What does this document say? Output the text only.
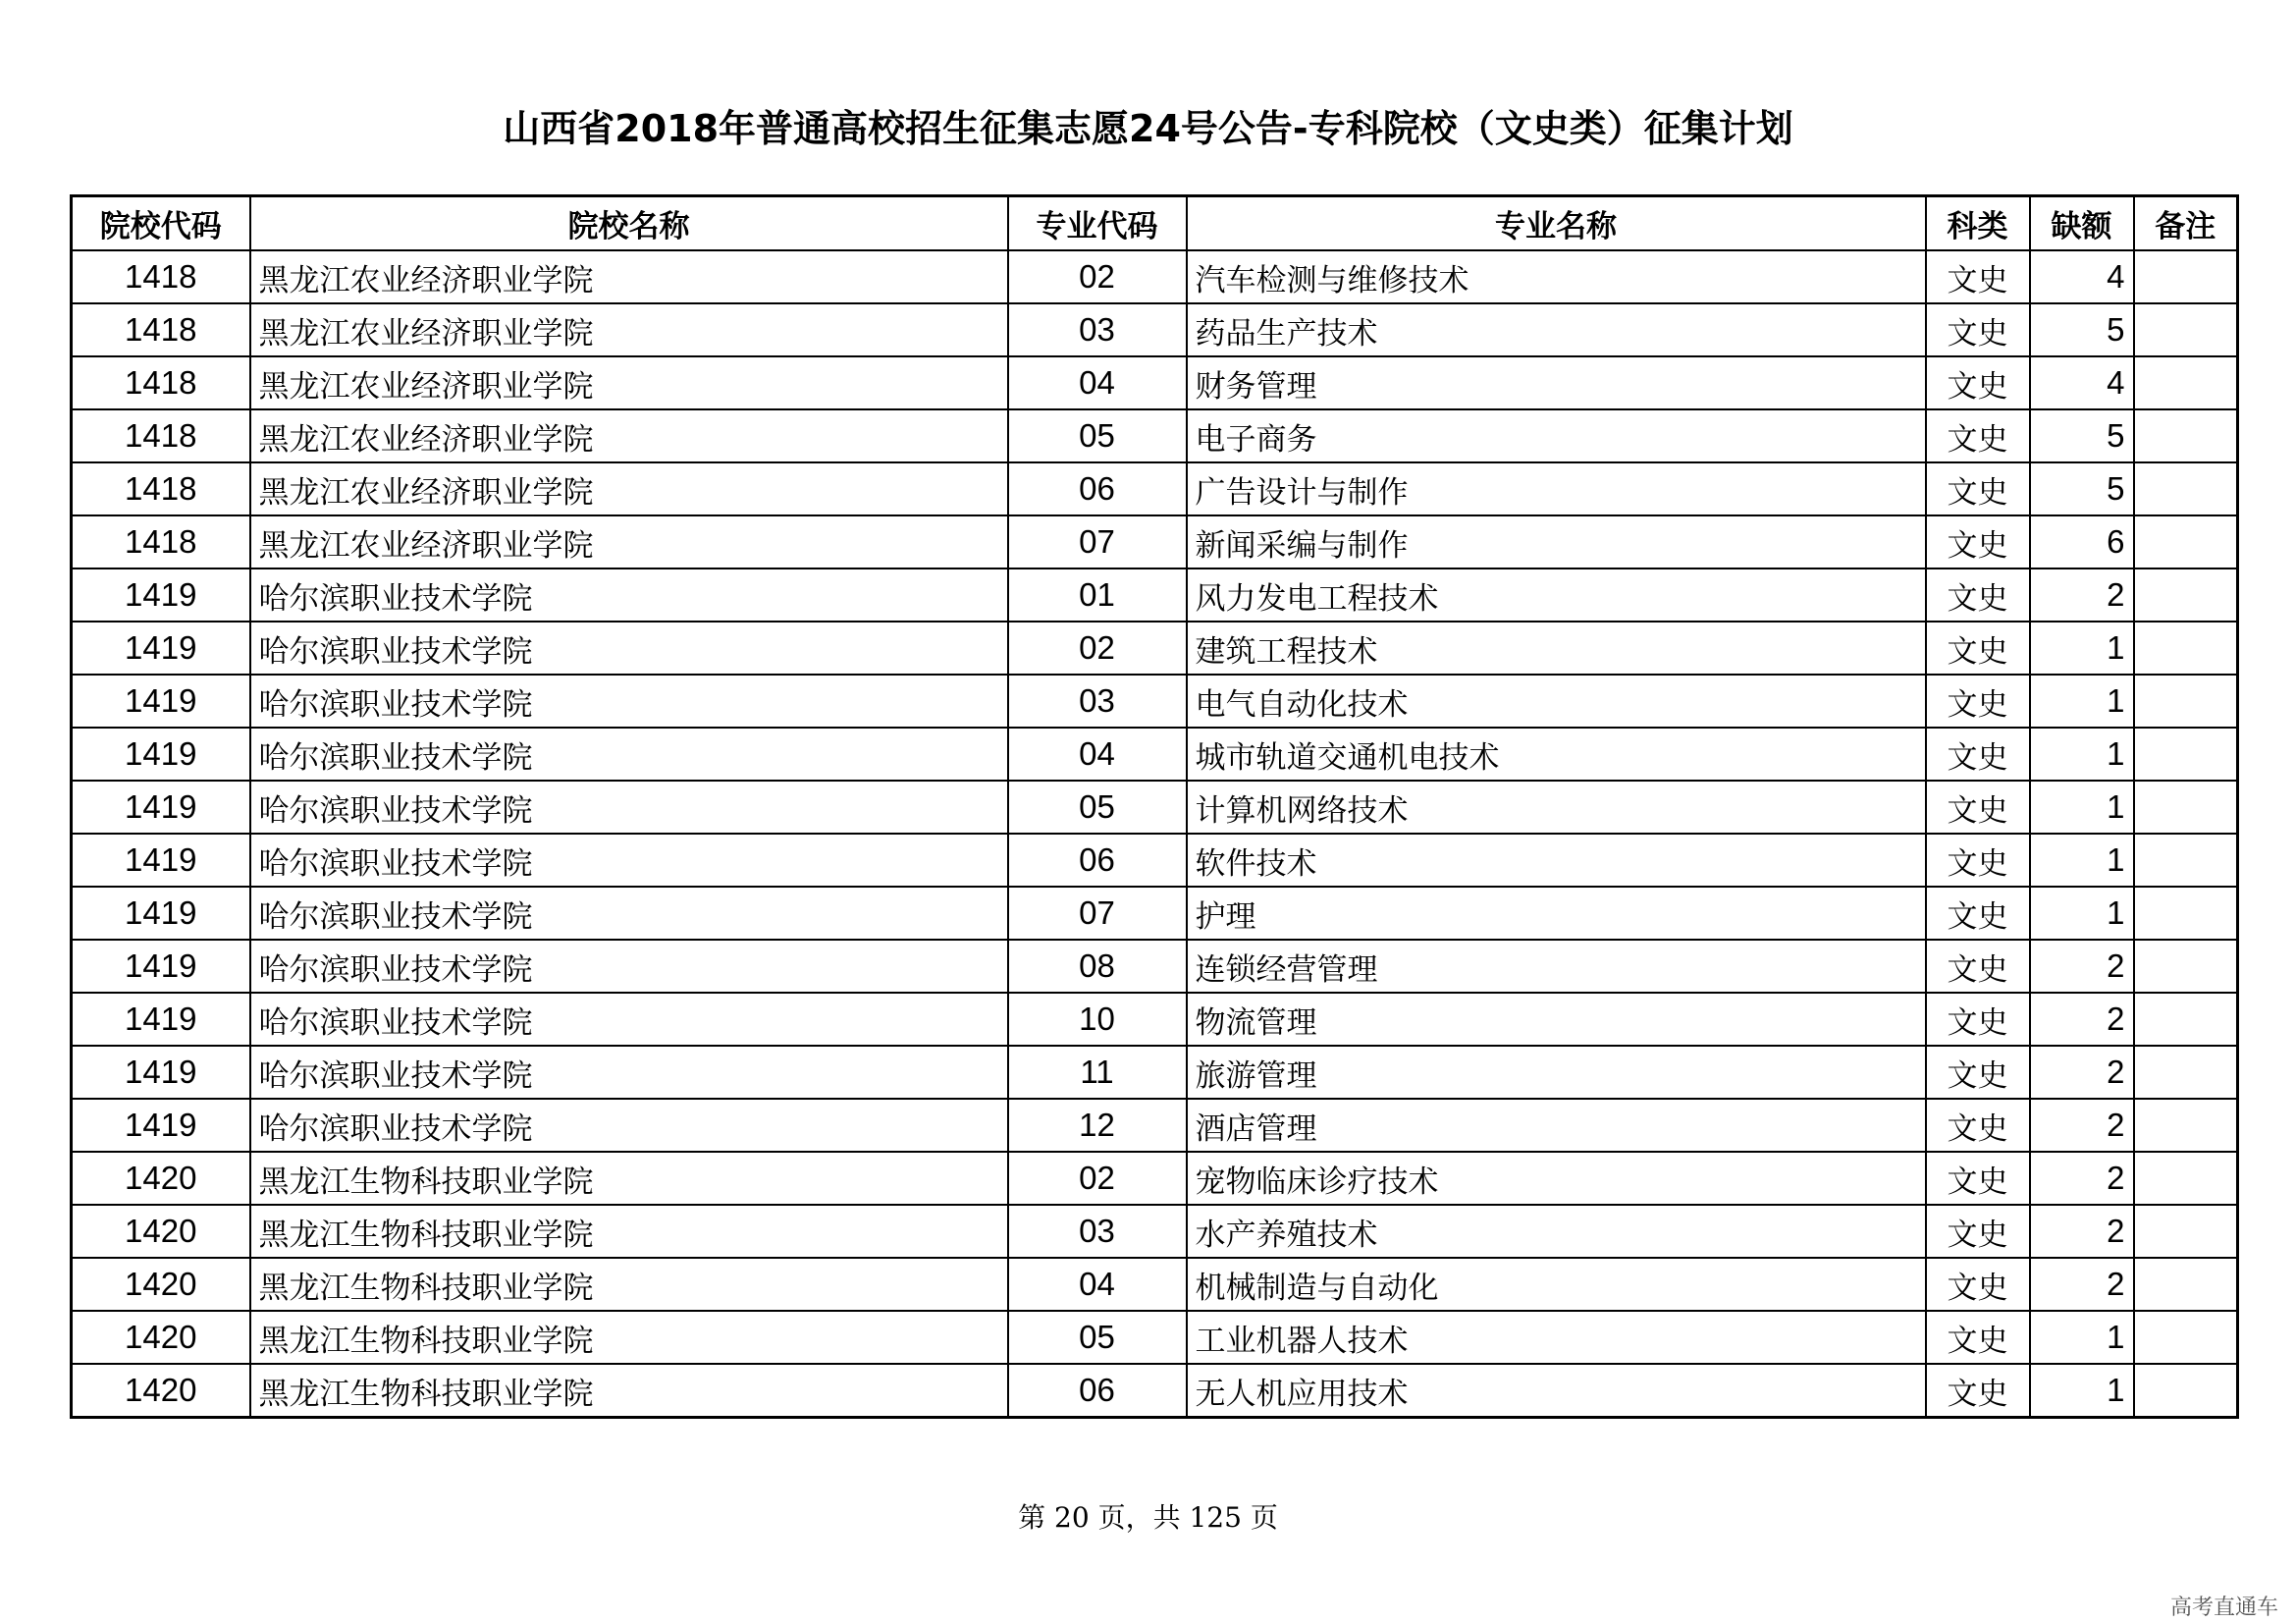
山西省2018年普通高校招生征集志愿24号公告-专科院校（文史类）征集计划
院校代码	院校名称	专业代码	专业名称	科类	缺额	备注
1418	黑龙江农业经济职业学院	02	汽车检测与维修技术	文史	4	
1418	黑龙江农业经济职业学院	03	药品生产技术	文史	5	
1418	黑龙江农业经济职业学院	04	财务管理	文史	4	
1418	黑龙江农业经济职业学院	05	电子商务	文史	5	
1418	黑龙江农业经济职业学院	06	广告设计与制作	文史	5	
1418	黑龙江农业经济职业学院	07	新闻采编与制作	文史	6	
1419	哈尔滨职业技术学院	01	风力发电工程技术	文史	2	
1419	哈尔滨职业技术学院	02	建筑工程技术	文史	1	
1419	哈尔滨职业技术学院	03	电气自动化技术	文史	1	
1419	哈尔滨职业技术学院	04	城市轨道交通机电技术	文史	1	
1419	哈尔滨职业技术学院	05	计算机网络技术	文史	1	
1419	哈尔滨职业技术学院	06	软件技术	文史	1	
1419	哈尔滨职业技术学院	07	护理	文史	1	
1419	哈尔滨职业技术学院	08	连锁经营管理	文史	2	
1419	哈尔滨职业技术学院	10	物流管理	文史	2	
1419	哈尔滨职业技术学院	11	旅游管理	文史	2	
1419	哈尔滨职业技术学院	12	酒店管理	文史	2	
1420	黑龙江生物科技职业学院	02	宠物临床诊疗技术	文史	2	
1420	黑龙江生物科技职业学院	03	水产养殖技术	文史	2	
1420	黑龙江生物科技职业学院	04	机械制造与自动化	文史	2	
1420	黑龙江生物科技职业学院	05	工业机器人技术	文史	1	
1420	黑龙江生物科技职业学院	06	无人机应用技术	文史	1	
第 20 页，共 125 页
高考直通车
